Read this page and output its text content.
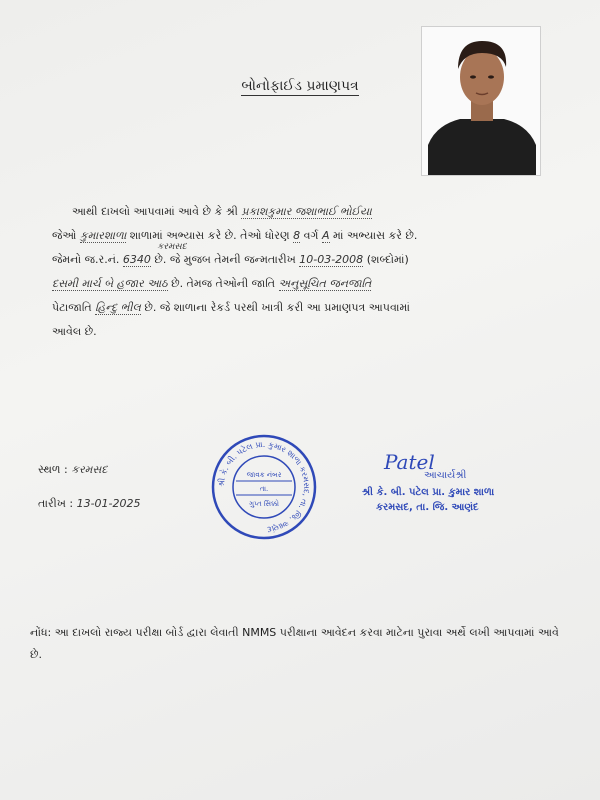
બોનોફાઈડ પ્રમાણપત્ર

આથી દાખલો આપવામાં આવે છે કે શ્રી પ્રકાશકુમાર જશાભાઈ ભોઈયા

જેઓ કુમારશાળા શાળામાં અભ્યાસ કરે છે. તેઓ ધોરણ 8 વર્ગ A માં અભ્યાસ કરે છે.

કરમસદ
જેમનો જ.ર.નં. 6340 છે. જે મુજબ તેમની જન્મતારીખ 10-03-2008 (શબ્દોમાં)

દસમી માર્ચ બે હજાર આઠ છે. તેમજ તેઓની જાતિ અનુસૂચિત જનજાતિ

પેટાજાતિ હિન્દુ ભીલ છે. જે શાળાના રેકર્ડ પરથી ખાત્રી કરી આ પ્રમાણપત્ર આપવામાં

આવેલ છે.

સ્થળ : કરમસદ
તારીખ : 13-01-2025
શ્રી કે. બી. પટેલ પ્રા. કુમાર શાળા કરમસદ, તા. જિ. આણંદ
જાવક નંબર
તા.
ગુપ્ત સિક્કો
Patel
આચાર્યશ્રી
શ્રી કે. બી. પટેલ પ્રા. કુમાર શાળા
કરમસદ, તા. જિ. આણંદ
નોંધ: આ દાખલો રાજ્ય પરીક્ષા બોર્ડ દ્વારા લેવાતી NMMS પરીક્ષાના આવેદન કરવા માટેના પુરાવા અર્થે લખી આપવામાં આવે છે.
